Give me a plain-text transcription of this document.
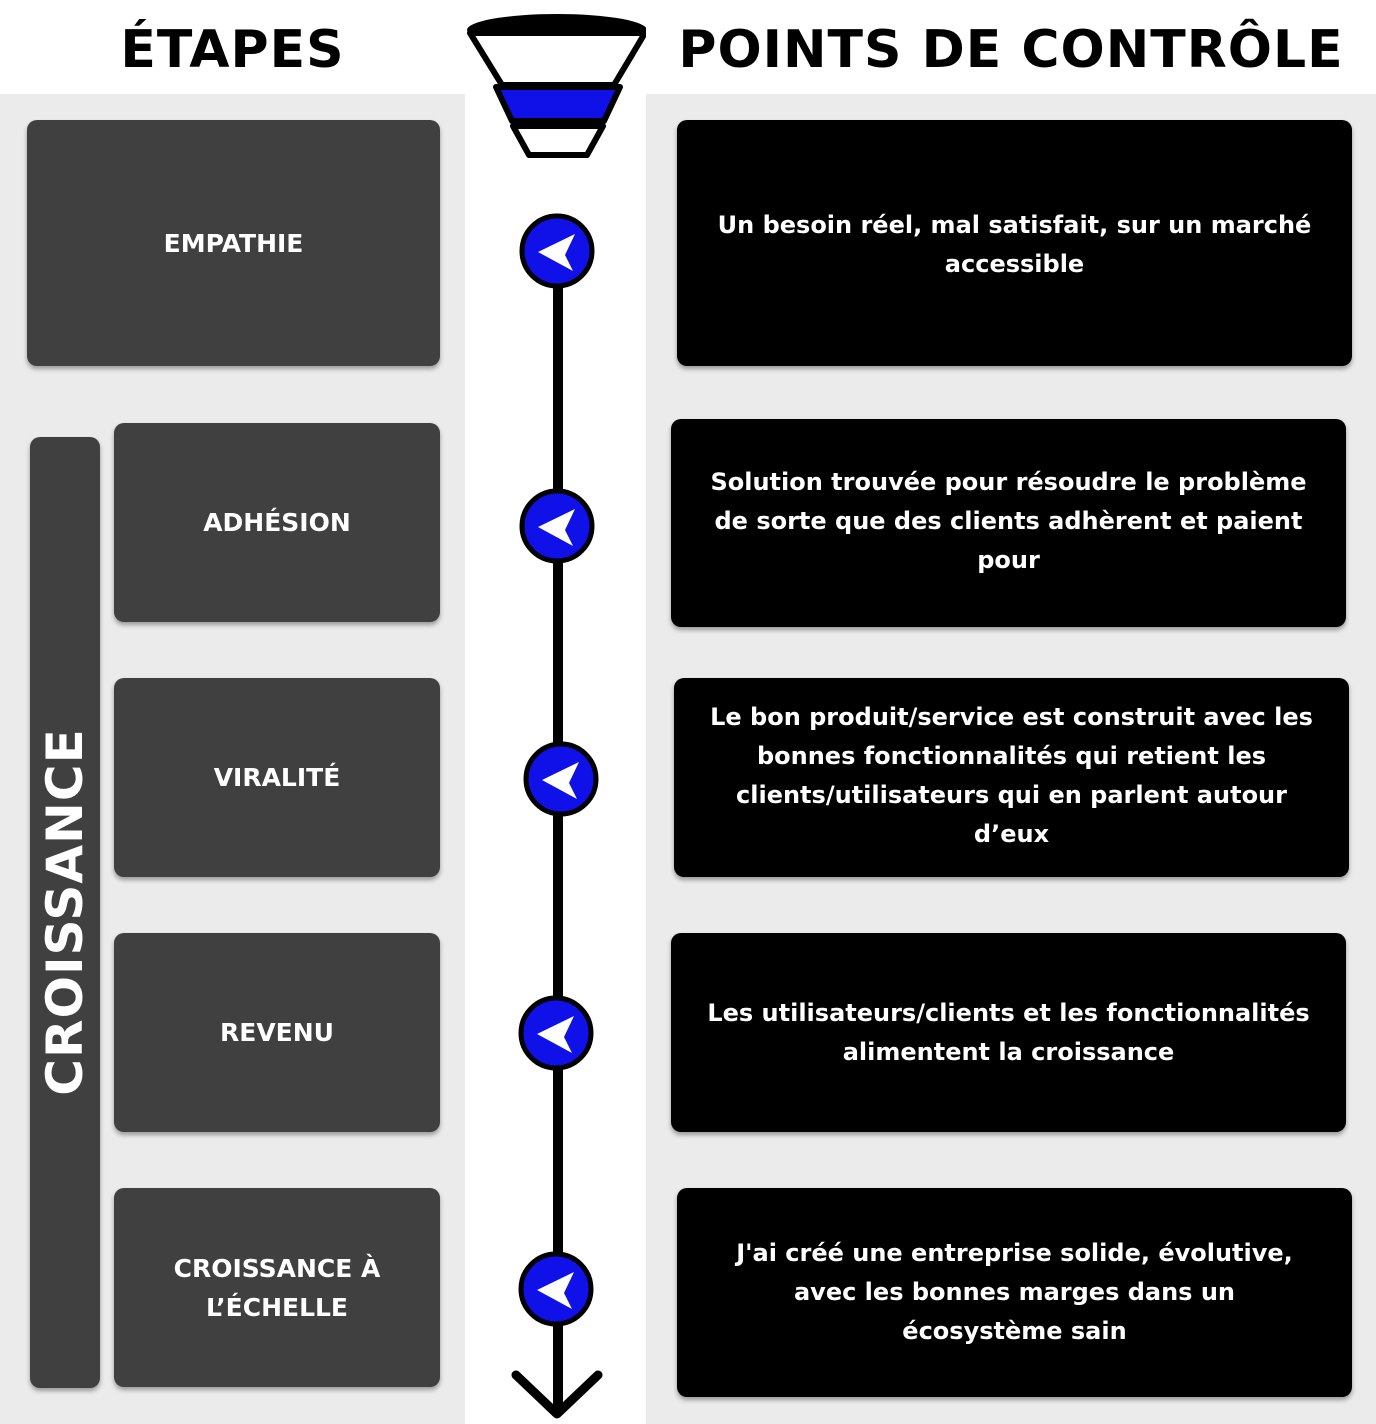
ÉTAPES	POINTS DE CONTRÔLE
CROISSANCE
EMPATHIE
ADHÉSION
VIRALITÉ
REVENU
CROISSANCE À
L’ÉCHELLE
Un besoin réel, mal satisfait, sur un marché accessible
Solution trouvée pour résoudre le problème de sorte que des clients adhèrent et paient pour
Le bon produit/service est construit avec les bonnes fonctionnalités qui retient les clients/utilisateurs qui en parlent autour d’eux
Les utilisateurs/clients et les fonctionnalités alimentent la croissance
J'ai créé une entreprise solide, évolutive, avec les bonnes marges dans un écosystème sain
